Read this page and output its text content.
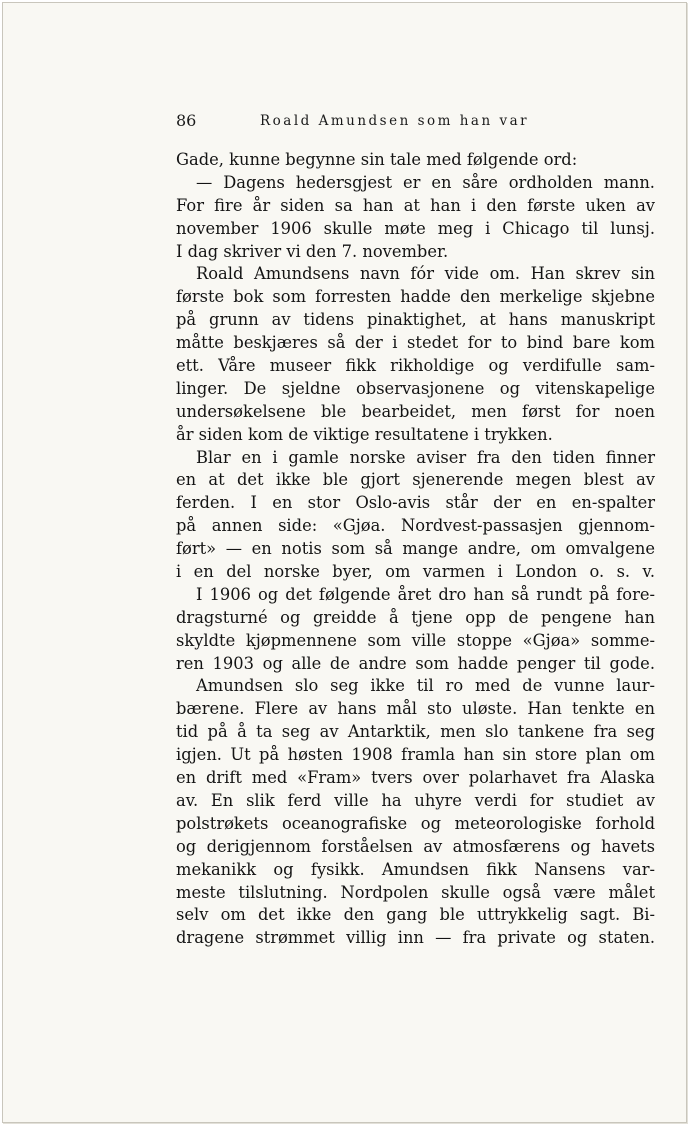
86	Roald Amundsen som han var
Gade, kunne begynne sin tale med følgende ord:
— Dagens hedersgjest er en såre ordholden mann.
For fire år siden sa han at han i den første uken av
november 1906 skulle møte meg i Chicago til lunsj.
I dag skriver vi den 7. november.
Roald Amundsens navn fór vide om. Han skrev sin
første bok som forresten hadde den merkelige skjebne
på grunn av tidens pinaktighet, at hans manuskript
måtte beskjæres så der i stedet for to bind bare kom
ett. Våre museer fikk rikholdige og verdifulle sam-
linger. De sjeldne observasjonene og vitenskapelige
undersøkelsene ble bearbeidet, men først for noen
år siden kom de viktige resultatene i trykken.
Blar en i gamle norske aviser fra den tiden finner
en at det ikke ble gjort sjenerende megen blest av
ferden. I en stor Oslo-avis står der en en-spalter
på annen side: «Gjøa. Nordvest-passasjen gjennom-
ført» — en notis som så mange andre, om omvalgene
i en del norske byer, om varmen i London o. s. v.
I 1906 og det følgende året dro han så rundt på fore-
dragsturné og greidde å tjene opp de pengene han
skyldte kjøpmennene som ville stoppe «Gjøa» somme-
ren 1903 og alle de andre som hadde penger til gode.
Amundsen slo seg ikke til ro med de vunne laur-
bærene. Flere av hans mål sto uløste. Han tenkte en
tid på å ta seg av Antarktik, men slo tankene fra seg
igjen. Ut på høsten 1908 framla han sin store plan om
en drift med «Fram» tvers over polarhavet fra Alaska
av. En slik ferd ville ha uhyre verdi for studiet av
polstrøkets oceanografiske og meteorologiske forhold
og derigjennom forståelsen av atmosfærens og havets
mekanikk og fysikk. Amundsen fikk Nansens var-
meste tilslutning. Nordpolen skulle også være målet
selv om det ikke den gang ble uttrykkelig sagt. Bi-
dragene strømmet villig inn — fra private og staten.
